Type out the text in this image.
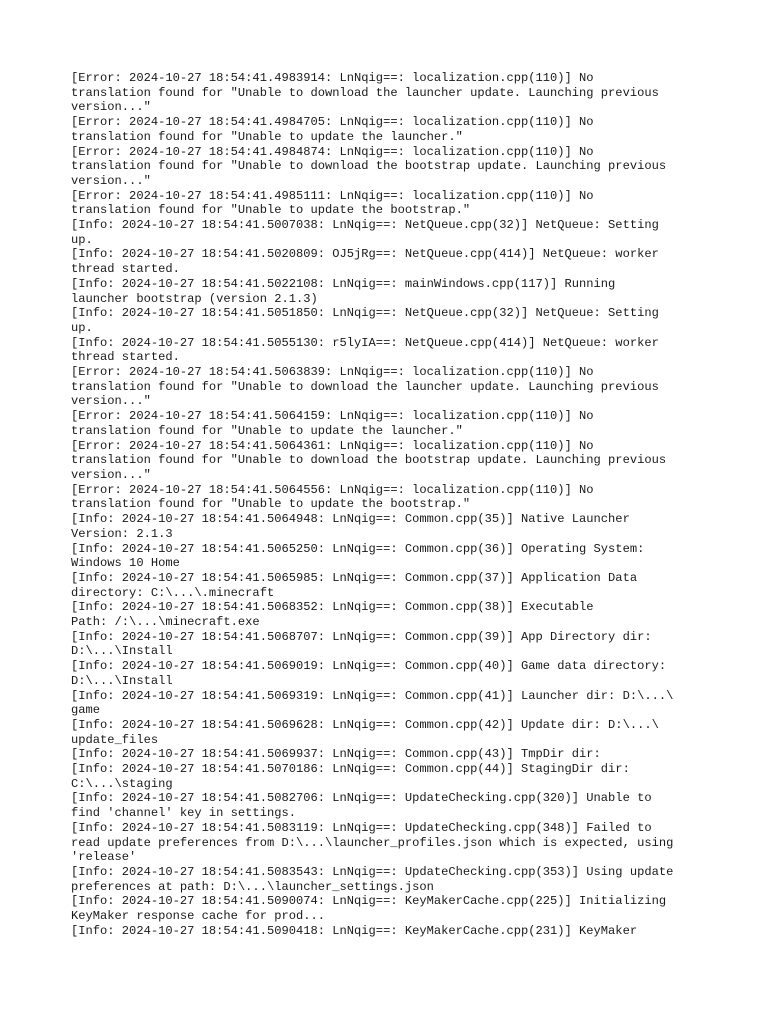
[Error: 2024-10-27 18:54:41.4983914: LnNqig==: localization.cpp(110)] No
translation found for "Unable to download the launcher update. Launching previous
version..."
[Error: 2024-10-27 18:54:41.4984705: LnNqig==: localization.cpp(110)] No
translation found for "Unable to update the launcher."
[Error: 2024-10-27 18:54:41.4984874: LnNqig==: localization.cpp(110)] No
translation found for "Unable to download the bootstrap update. Launching previous
version..."
[Error: 2024-10-27 18:54:41.4985111: LnNqig==: localization.cpp(110)] No
translation found for "Unable to update the bootstrap."
[Info: 2024-10-27 18:54:41.5007038: LnNqig==: NetQueue.cpp(32)] NetQueue: Setting
up.
[Info: 2024-10-27 18:54:41.5020809: OJ5jRg==: NetQueue.cpp(414)] NetQueue: worker
thread started.
[Info: 2024-10-27 18:54:41.5022108: LnNqig==: mainWindows.cpp(117)] Running
launcher bootstrap (version 2.1.3)
[Info: 2024-10-27 18:54:41.5051850: LnNqig==: NetQueue.cpp(32)] NetQueue: Setting
up.
[Info: 2024-10-27 18:54:41.5055130: r5lyIA==: NetQueue.cpp(414)] NetQueue: worker
thread started.
[Error: 2024-10-27 18:54:41.5063839: LnNqig==: localization.cpp(110)] No
translation found for "Unable to download the launcher update. Launching previous
version..."
[Error: 2024-10-27 18:54:41.5064159: LnNqig==: localization.cpp(110)] No
translation found for "Unable to update the launcher."
[Error: 2024-10-27 18:54:41.5064361: LnNqig==: localization.cpp(110)] No
translation found for "Unable to download the bootstrap update. Launching previous
version..."
[Error: 2024-10-27 18:54:41.5064556: LnNqig==: localization.cpp(110)] No
translation found for "Unable to update the bootstrap."
[Info: 2024-10-27 18:54:41.5064948: LnNqig==: Common.cpp(35)] Native Launcher
Version: 2.1.3
[Info: 2024-10-27 18:54:41.5065250: LnNqig==: Common.cpp(36)] Operating System:
Windows 10 Home
[Info: 2024-10-27 18:54:41.5065985: LnNqig==: Common.cpp(37)] Application Data
directory: C:\...\.minecraft
[Info: 2024-10-27 18:54:41.5068352: LnNqig==: Common.cpp(38)] Executable
Path: /:\...\minecraft.exe
[Info: 2024-10-27 18:54:41.5068707: LnNqig==: Common.cpp(39)] App Directory dir:
D:\...\Install
[Info: 2024-10-27 18:54:41.5069019: LnNqig==: Common.cpp(40)] Game data directory:
D:\...\Install
[Info: 2024-10-27 18:54:41.5069319: LnNqig==: Common.cpp(41)] Launcher dir: D:\...\
game
[Info: 2024-10-27 18:54:41.5069628: LnNqig==: Common.cpp(42)] Update dir: D:\...\
update_files
[Info: 2024-10-27 18:54:41.5069937: LnNqig==: Common.cpp(43)] TmpDir dir:
[Info: 2024-10-27 18:54:41.5070186: LnNqig==: Common.cpp(44)] StagingDir dir:
C:\...\staging
[Info: 2024-10-27 18:54:41.5082706: LnNqig==: UpdateChecking.cpp(320)] Unable to
find 'channel' key in settings.
[Info: 2024-10-27 18:54:41.5083119: LnNqig==: UpdateChecking.cpp(348)] Failed to
read update preferences from D:\...\launcher_profiles.json which is expected, using
'release'
[Info: 2024-10-27 18:54:41.5083543: LnNqig==: UpdateChecking.cpp(353)] Using update
preferences at path: D:\...\launcher_settings.json
[Info: 2024-10-27 18:54:41.5090074: LnNqig==: KeyMakerCache.cpp(225)] Initializing
KeyMaker response cache for prod...
[Info: 2024-10-27 18:54:41.5090418: LnNqig==: KeyMakerCache.cpp(231)] KeyMaker
